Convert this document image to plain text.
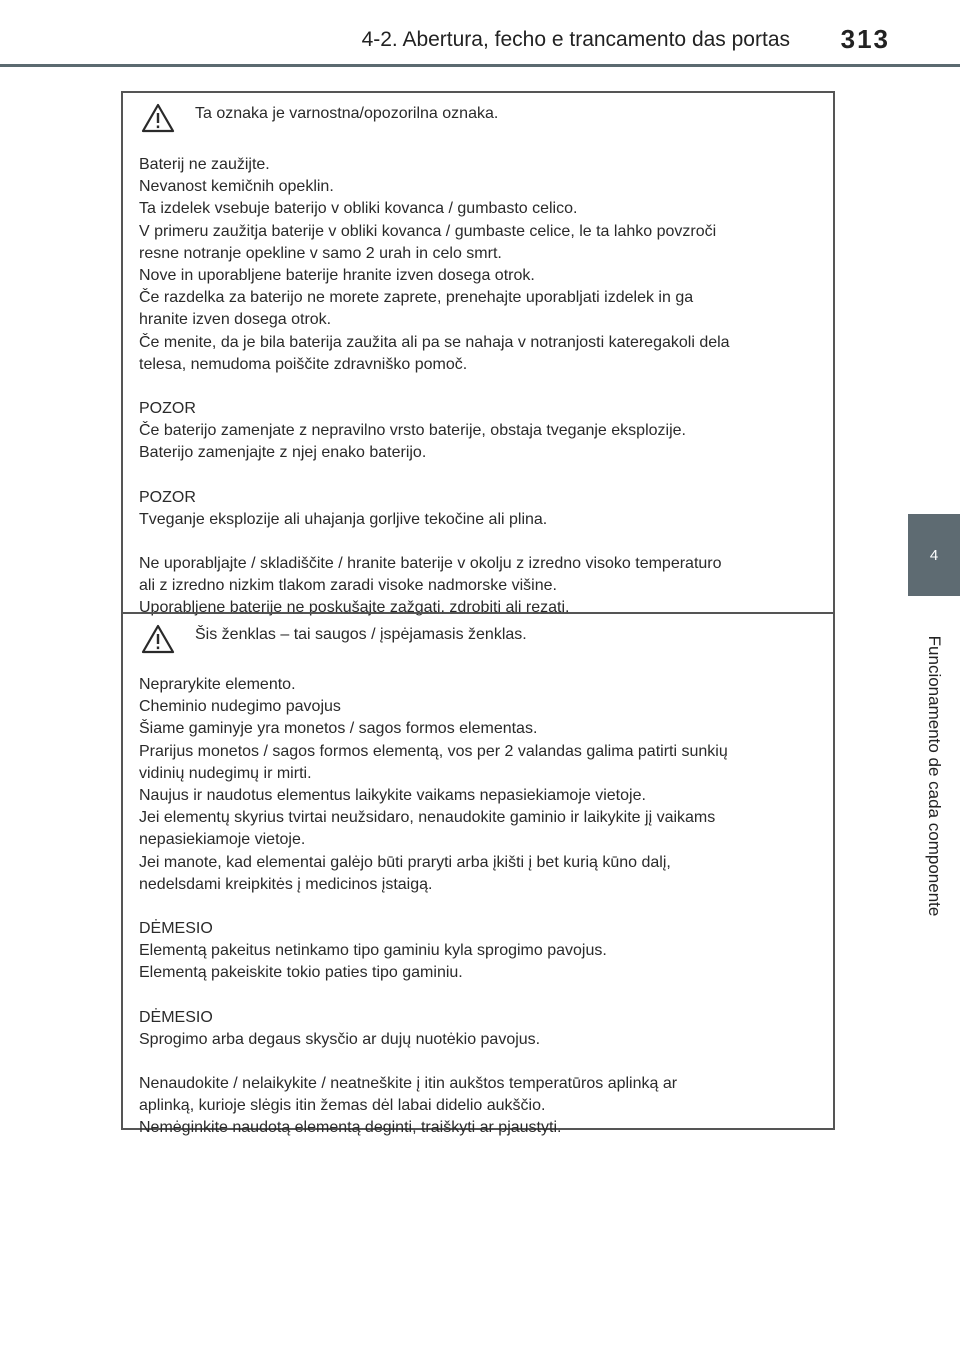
4-2. Abertura, fecho e trancamento das portas 313
4
Funcionamento de cada componente
Ta oznaka je varnostna/opozorilna oznaka.

Baterij ne zaužijte.

Nevanost kemičnih opeklin.

Ta izdelek vsebuje baterijo v obliki kovanca / gumbasto celico.

V primeru zaužitja baterije v obliki kovanca / gumbaste celice, le ta lahko povzroči

resne notranje opekline v samo 2 urah in celo smrt.

Nove in uporabljene baterije hranite izven dosega otrok.

Če razdelka za baterijo ne morete zaprete, prenehajte uporabljati izdelek in ga

hranite izven dosega otrok.

Če menite, da je bila baterija zaužita ali pa se nahaja v notranjosti kateregakoli dela

telesa, nemudoma poiščite zdravniško pomoč.

POZOR

Če baterijo zamenjate z nepravilno vrsto baterije, obstaja tveganje eksplozije.

Baterijo zamenjajte z njej enako baterijo.

POZOR

Tveganje eksplozije ali uhajanja gorljive tekočine ali plina.

Ne uporabljajte / skladiščite / hranite baterije v okolju z izredno visoko temperaturo

ali z izredno nizkim tlakom zaradi visoke nadmorske višine.

Uporabljene baterije ne poskušajte zažgati, zdrobiti ali rezati.

Šis ženklas – tai saugos / įspėjamasis ženklas.

Neprarykite elemento.

Cheminio nudegimo pavojus

Šiame gaminyje yra monetos / sagos formos elementas.

Prarijus monetos / sagos formos elementą, vos per 2 valandas galima patirti sunkių

vidinių nudegimų ir mirti.

Naujus ir naudotus elementus laikykite vaikams nepasiekiamoje vietoje.

Jei elementų skyrius tvirtai neužsidaro, nenaudokite gaminio ir laikykite jį vaikams

nepasiekiamoje vietoje.

Jei manote, kad elementai galėjo būti praryti arba įkišti į bet kurią kūno dalį,

nedelsdami kreipkitės į medicinos įstaigą.

DĖMESIO

Elementą pakeitus netinkamo tipo gaminiu kyla sprogimo pavojus.

Elementą pakeiskite tokio paties tipo gaminiu.

DĖMESIO

Sprogimo arba degaus skysčio ar dujų nuotėkio pavojus.

Nenaudokite / nelaikykite / neatneškite į itin aukštos temperatūros aplinką ar

aplinką, kurioje slėgis itin žemas dėl labai didelio aukščio.

Nemėginkite naudotą elementą deginti, traiškyti ar pjaustyti.
